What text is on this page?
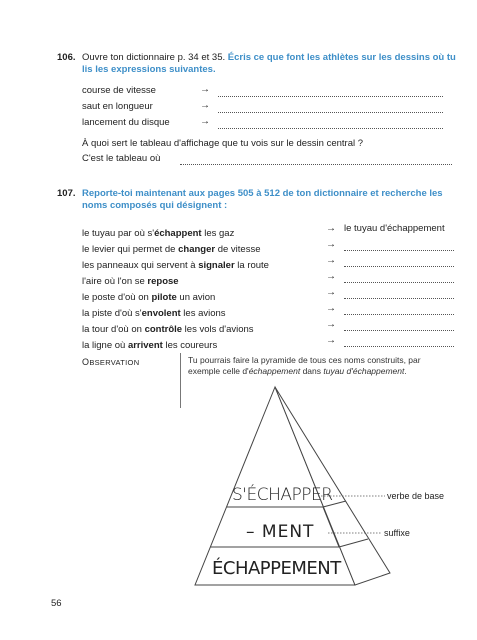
106. Ouvre ton dictionnaire p. 34 et 35. Écris ce que font les athlètes sur les dessins où tu lis les expressions suivantes.
course de vitesse	→
saut en longueur	→
lancement du disque	→
À quoi sert le tableau d'affichage que tu vois sur le dessin central ?
C'est le tableau où
107. Reporte-toi maintenant aux pages 505 à 512 de ton dictionnaire et recherche les noms composés qui désignent :
le tuyau par où s'échappent les gaz	→ le tuyau d'échappement
le levier qui permet de changer de vitesse	→
les panneaux qui servent à signaler la route	→
l'aire où l'on se repose	→
le poste d'où on pilote un avion	→
la piste d'où s'envolent les avions	→
la tour d'où on contrôle les vols d'avions	→
la ligne où arrivent les coureurs	→
OBSERVATION	Tu pourrais faire la pyramide de tous ces noms construits, par
exemple celle d'échappement dans tuyau d'échappement.
S'ÉCHAPPER
– MENT
ÉCHAPPEMENT
verbe de base
suffixe
56
